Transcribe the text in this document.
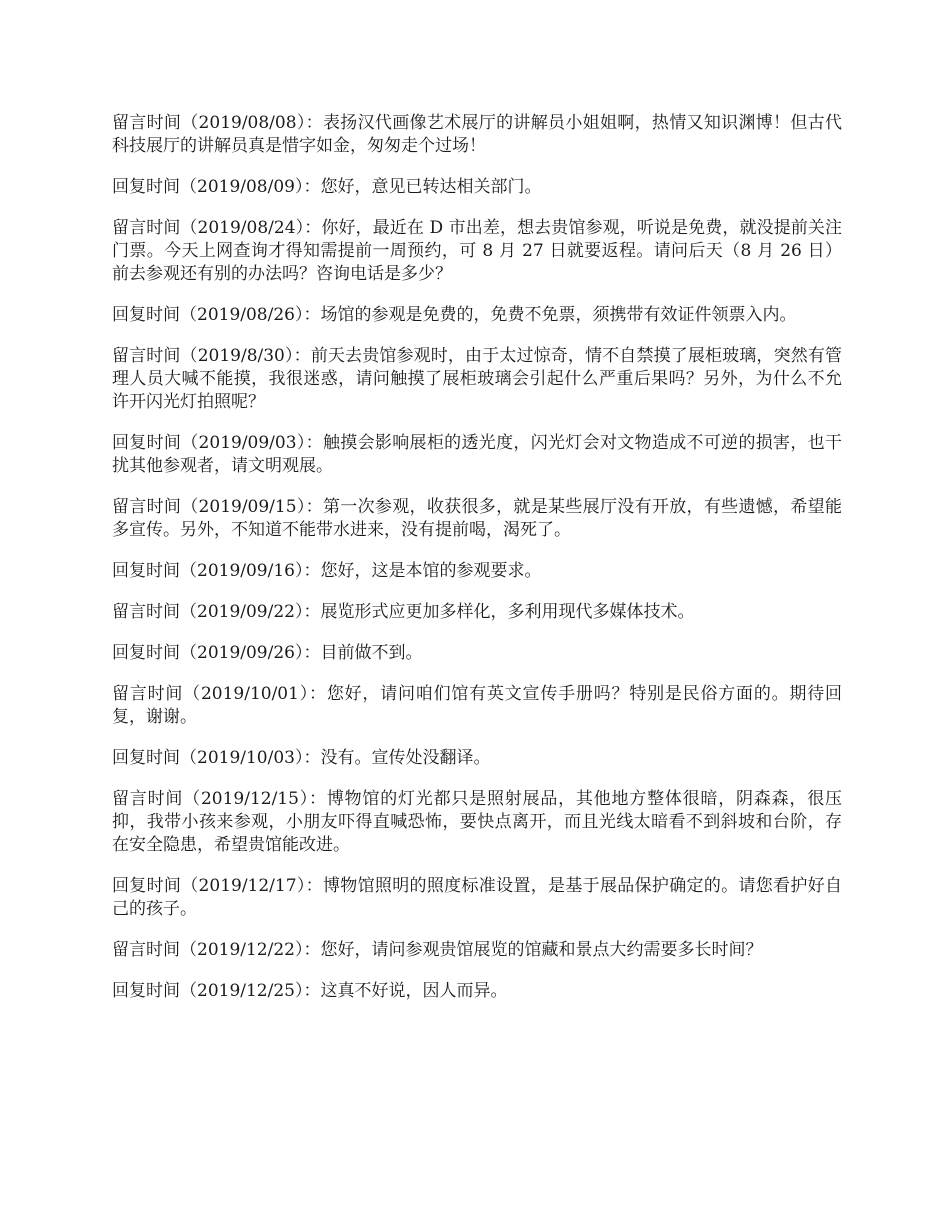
留言时间（2019/08/08）：表扬汉代画像艺术展厅的讲解员小姐姐啊，热情又知识渊博！但古代科技展厅的讲解员真是惜字如金，匆匆走个过场！

回复时间（2019/08/09）：您好，意见已转达相关部门。

留言时间（2019/08/24）：你好，最近在 D 市出差，想去贵馆参观，听说是免费，就没提前关注门票。今天上网查询才得知需提前一周预约，可 8 月 27 日就要返程。请问后天（8 月 26 日）前去参观还有别的办法吗？咨询电话是多少？

回复时间（2019/08/26）：场馆的参观是免费的，免费不免票，须携带有效证件领票入内。

留言时间（2019/8/30）：前天去贵馆参观时，由于太过惊奇，情不自禁摸了展柜玻璃，突然有管理人员大喊不能摸，我很迷惑，请问触摸了展柜玻璃会引起什么严重后果吗？另外，为什么不允许开闪光灯拍照呢？

回复时间（2019/09/03）：触摸会影响展柜的透光度，闪光灯会对文物造成不可逆的损害，也干扰其他参观者，请文明观展。

留言时间（2019/09/15）：第一次参观，收获很多，就是某些展厅没有开放，有些遗憾，希望能多宣传。另外，不知道不能带水进来，没有提前喝，渴死了。

回复时间（2019/09/16）：您好，这是本馆的参观要求。

留言时间（2019/09/22）：展览形式应更加多样化，多利用现代多媒体技术。

回复时间（2019/09/26）：目前做不到。

留言时间（2019/10/01）：您好，请问咱们馆有英文宣传手册吗？特别是民俗方面的。期待回复，谢谢。

回复时间（2019/10/03）：没有。宣传处没翻译。

留言时间（2019/12/15）：博物馆的灯光都只是照射展品，其他地方整体很暗，阴森森，很压抑，我带小孩来参观，小朋友吓得直喊恐怖，要快点离开，而且光线太暗看不到斜坡和台阶，存在安全隐患，希望贵馆能改进。

回复时间（2019/12/17）：博物馆照明的照度标准设置，是基于展品保护确定的。请您看护好自己的孩子。

留言时间（2019/12/22）：您好，请问参观贵馆展览的馆藏和景点大约需要多长时间？

回复时间（2019/12/25）：这真不好说，因人而异。
